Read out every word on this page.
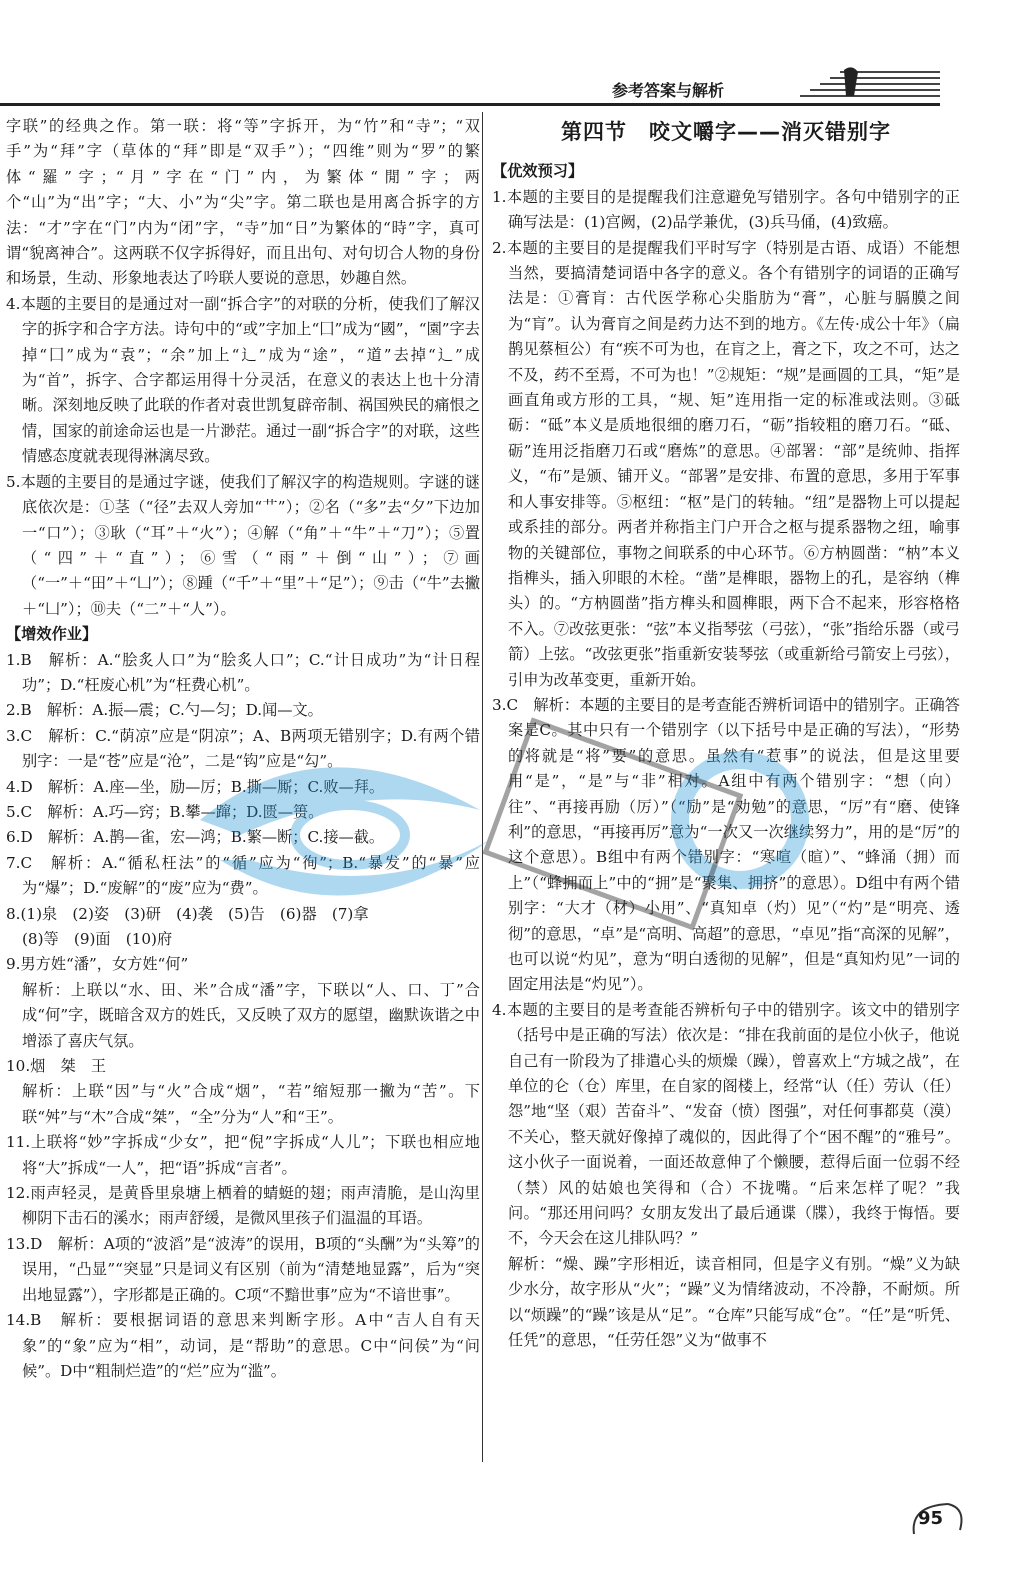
参考答案与解析

字联”的经典之作。第一联：将“等”字拆开，为“竹”和“寺”；“双手”为“拜”字（草体的“拜”即是“双手”）；“四维”则为“罗”的繁体“羅”字；“月”字在“门”内，为繁体“閒”字；两个“山”为“出”字；“大、小”为“尖”字。第二联也是用离合拆字的方法：“才”字在“门”内为“闭”字，“寺”加“日”为繁体的“時”字，真可谓“貌离神合”。这两联不仅字拆得好，而且出句、对句切合人物的身份和场景，生动、形象地表达了吟联人要说的意思，妙趣自然。

4.本题的主要目的是通过对一副“拆合字”的对联的分析，使我们了解汉字的拆字和合字方法。诗句中的“或”字加上“囗”成为“國”，“園”字去掉“囗”成为“袁”；“余”加上“辶”成为“途”，“道”去掉“辶”成为“首”，拆字、合字都运用得十分灵活，在意义的表达上也十分清晰。深刻地反映了此联的作者对袁世凯复辟帝制、祸国殃民的痛恨之情，国家的前途命运也是一片渺茫。通过一副“拆合字”的对联，这些情感态度就表现得淋漓尽致。

5.本题的主要目的是通过字谜，使我们了解汉字的构造规则。字谜的谜底依次是：①茎（“径”去双人旁加“艹”）；②名（“多”去“夕”下边加一“口”）；③耿（“耳”＋“火”）；④解（“角”＋“牛”＋“刀”）；⑤置（“四”＋“直”）；⑥雪（“雨”＋倒“山”）；⑦画（“一”＋“田”＋“凵”）；⑧踵（“千”＋“里”＋“足”）；⑨击（“牛”去撇＋“凵”）；⑩夫（“二”＋“人”）。

【增效作业】

1.B　解析：A.“脍炙人口”为“脍炙人口”；C.“计日成功”为“计日程功”；D.“枉废心机”为“枉费心机”。

2.B　解析：A.振—震；C.勺—匀；D.闻—文。

3.C　解析：C.“荫凉”应是“阴凉”；A、B两项无错别字；D.有两个错别字：一是“苍”应是“沧”，二是“钩”应是“勾”。

4.D　解析：A.座—坐，励—厉；B.撕—厮；C.败—拜。

5.C　解析：A.巧—窍；B.攀—蹿；D.匮—篑。

6.D　解析：A.鹊—雀，宏—鸿；B.繁—断；C.接—截。

7.C　解析：A.“循私枉法”的“循”应为“徇”；B.“暴发”的“暴”应为“爆”；D.“废解”的“废”应为“费”。

8.(1)泉　(2)姿　(3)研　(4)袭　(5)告　(6)器　(7)拿

(8)等　(9)面　(10)府

9.男方姓“潘”，女方姓“何”

解析：上联以“水、田、米”合成“潘”字，下联以“人、口、丁”合成“何”字，既暗含双方的姓氏，又反映了双方的愿望，幽默诙谐之中增添了喜庆气氛。

10.烟　桀　王

解析：上联“因”与“火”合成“烟”，“若”缩短那一撇为“苦”。下联“舛”与“木”合成“桀”，“全”分为“人”和“王”。

11.上联将“妙”字拆成“少女”，把“倪”字拆成“人儿”；下联也相应地将“大”拆成“一人”，把“语”拆成“言者”。

12.雨声轻灵，是黄昏里泉塘上栖着的蜻蜓的翅；雨声清脆，是山沟里柳阴下击石的溪水；雨声舒缓，是微风里孩子们温温的耳语。

13.D　解析：A项的“波滔”是“波涛”的误用，B项的“头酬”为“头筹”的误用，“凸显”“突显”只是词义有区别（前为“清楚地显露”，后为“突出地显露”），字形都是正确的。C项“不黯世事”应为“不谙世事”。

14.B　解析：要根据词语的意思来判断字形。A中“吉人自有天象”的“象”应为“相”，动词，是“帮助”的意思。C中“问侯”为“问候”。D中“粗制烂造”的“烂”应为“滥”。

第四节　咬文嚼字——消灭错别字

【优效预习】

1.本题的主要目的是提醒我们注意避免写错别字。各句中错别字的正确写法是：(1)宫阙，(2)品学兼优，(3)兵马俑，(4)致癌。

2.本题的主要目的是提醒我们平时写字（特别是古语、成语）不能想当然，要搞清楚词语中各字的意义。各个有错别字的词语的正确写法是：①膏肓：古代医学称心尖脂肪为“膏”，心脏与膈膜之间为“肓”。认为膏肓之间是药力达不到的地方。《左传·成公十年》（扁鹊见蔡桓公）有“疾不可为也，在肓之上，膏之下，攻之不可，达之不及，药不至焉，不可为也！”②规矩：“规”是画圆的工具，“矩”是画直角或方形的工具，“规、矩”连用指一定的标准或法则。③砥砺：“砥”本义是质地很细的磨刀石，“砺”指较粗的磨刀石。“砥、砺”连用泛指磨刀石或“磨炼”的意思。④部署：“部”是统帅、指挥义，“布”是颁、铺开义。“部署”是安排、布置的意思，多用于军事和人事安排等。⑤枢纽：“枢”是门的转轴。“纽”是器物上可以提起或系挂的部分。两者并称指主门户开合之枢与提系器物之纽，喻事物的关键部位，事物之间联系的中心环节。⑥方枘圆凿：“枘”本义指榫头，插入卯眼的木栓。“凿”是榫眼，器物上的孔，是容纳（榫头）的。“方枘圆凿”指方榫头和圆榫眼，两下合不起来，形容格格不入。⑦改弦更张：“弦”本义指琴弦（弓弦），“张”指给乐器（或弓箭）上弦。“改弦更张”指重新安装琴弦（或重新给弓箭安上弓弦），引申为改革变更，重新开始。

3.C　解析：本题的主要目的是考查能否辨析词语中的错别字。正确答案是C。其中只有一个错别字（以下括号中是正确的写法），“形势的将就是“将”要”的意思。虽然有“惹事”的说法，但是这里要用“是”，“是”与“非”相对。A组中有两个错别字：“想（向）往”、“再接再励（厉）”（“励”是“劝勉”的意思，“厉”有“磨、使锋利”的意思，“再接再厉”意为“一次又一次继续努力”，用的是“厉”的这个意思）。B组中有两个错别字：“寒喧（暄）”、“蜂涌（拥）而上”（“蜂拥而上”中的“拥”是“聚集、拥挤”的意思）。D组中有两个错别字：“大才（材）小用”、“真知卓（灼）见”（“灼”是“明亮、透彻”的意思，“卓”是“高明、高超”的意思，“卓见”指“高深的见解”，也可以说“灼见”，意为“明白透彻的见解”，但是“真知灼见”一词的固定用法是“灼见”）。

4.本题的主要目的是考查能否辨析句子中的错别字。该文中的错别字（括号中是正确的写法）依次是：“排在我前面的是位小伙子，他说自己有一阶段为了排遣心头的烦燥（躁），曾喜欢上“方城之战”，在单位的仑（仓）库里，在自家的阁楼上，经常“认（任）劳认（任）怨”地“坚（艰）苦奋斗”、“发奋（愤）图强”，对任何事都莫（漠）不关心，整天就好像掉了魂似的，因此得了个“困不醒”的“雅号”。这小伙子一面说着，一面还故意伸了个懒腰，惹得后面一位弱不经（禁）风的姑娘也笑得和（合）不拢嘴。“后来怎样了呢？”我问。“那还用问吗？女朋友发出了最后通谍（牒），我终于悔悟。要不，今天会在这儿排队吗？”

解析：“燥、躁”字形相近，读音相同，但是字义有别。“燥”义为缺少水分，故字形从“火”；“躁”义为情绪波动，不冷静，不耐烦。所以“烦躁”的“躁”该是从“足”。“仓库”只能写成“仓”。“任”是“听凭、任凭”的意思，“任劳任怨”义为“做事不

95
